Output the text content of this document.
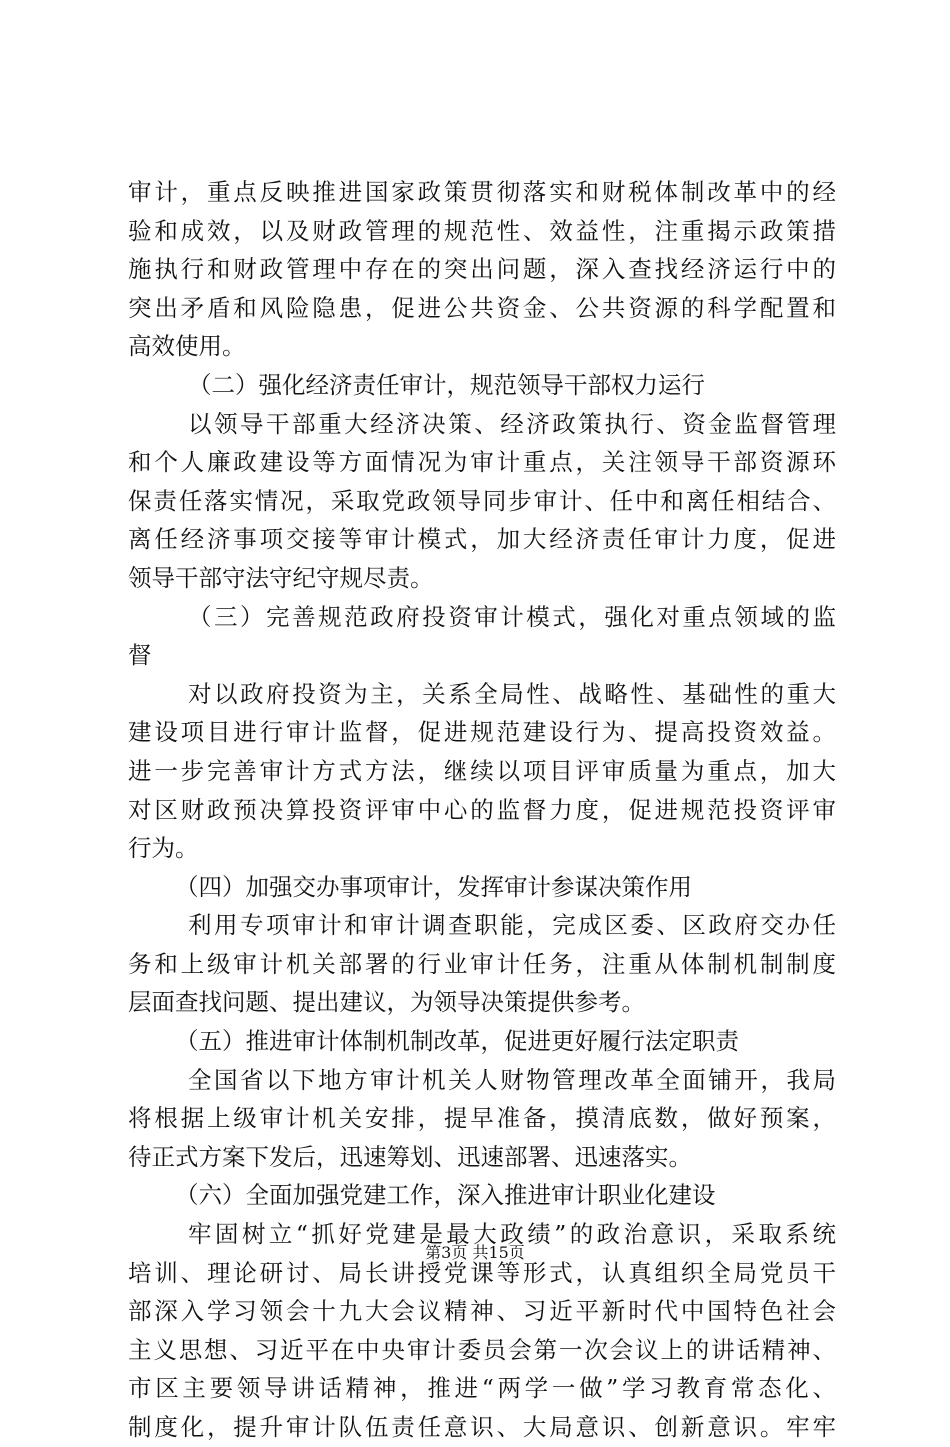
审计，重点反映推进国家政策贯彻落实和财税体制改革中的经
验和成效，以及财政管理的规范性、效益性，注重揭示政策措
施执行和财政管理中存在的突出问题，深入查找经济运行中的
突出矛盾和风险隐患，促进公共资金、公共资源的科学配置和
高效使用。
（二）强化经济责任审计，规范领导干部权力运行
以领导干部重大经济决策、经济政策执行、资金监督管理
和个人廉政建设等方面情况为审计重点，关注领导干部资源环
保责任落实情况，采取党政领导同步审计、任中和离任相结合、
离任经济事项交接等审计模式，加大经济责任审计力度，促进
领导干部守法守纪守规尽责。
（三）完善规范政府投资审计模式，强化对重点领域的监
督
对以政府投资为主，关系全局性、战略性、基础性的重大
建设项目进行审计监督，促进规范建设行为、提高投资效益。
进一步完善审计方式方法，继续以项目评审质量为重点，加大
对区财政预决算投资评审中心的监督力度，促进规范投资评审
行为。
（四）加强交办事项审计，发挥审计参谋决策作用
利用专项审计和审计调查职能，完成区委、区政府交办任
务和上级审计机关部署的行业审计任务，注重从体制机制制度
层面查找问题、提出建议，为领导决策提供参考。
（五）推进审计体制机制改革，促进更好履行法定职责
全国省以下地方审计机关人财物管理改革全面铺开，我局
将根据上级审计机关安排，提早准备，摸清底数，做好预案，
待正式方案下发后，迅速筹划、迅速部署、迅速落实。
（六）全面加强党建工作，深入推进审计职业化建设
牢固树立“抓好党建是最大政绩”的政治意识，采取系统
培训、理论研讨、局长讲授党课等形式，认真组织全局党员干
部深入学习领会十九大会议精神、习近平新时代中国特色社会
主义思想、习近平在中央审计委员会第一次会议上的讲话精神、
市区主要领导讲话精神，推进“两学一做”学习教育常态化、
制度化，提升审计队伍责任意识、大局意识、创新意识。牢牢
第3页 共15页
